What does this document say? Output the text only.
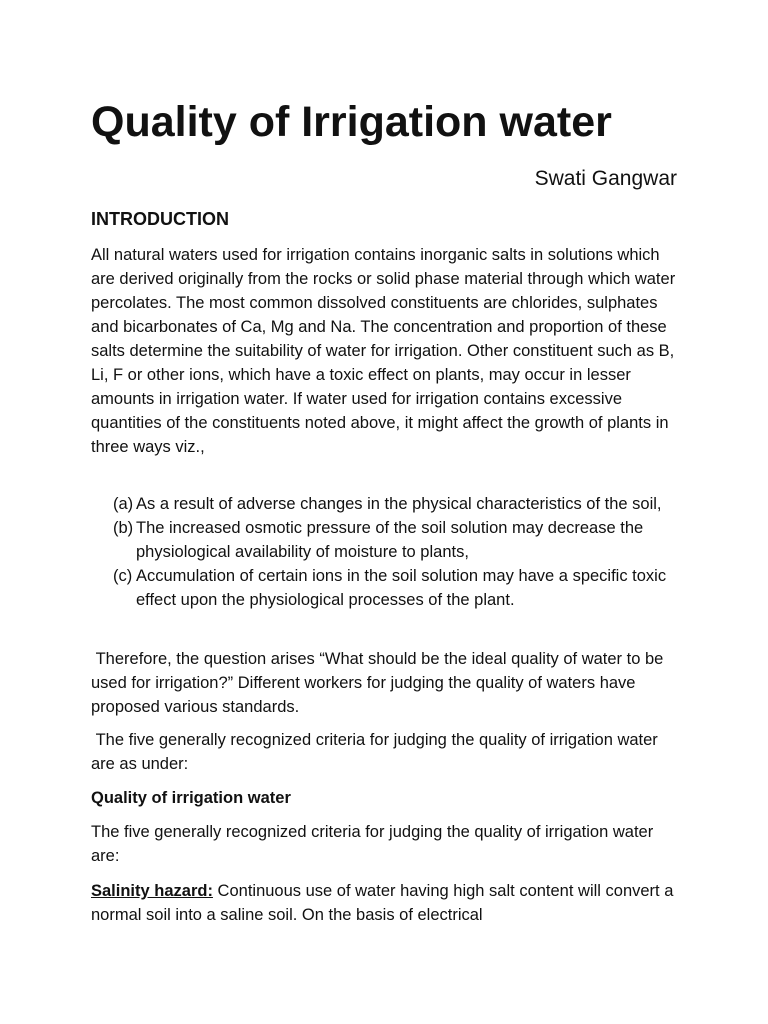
Quality of Irrigation water
Swati Gangwar
INTRODUCTION

All natural waters used for irrigation contains inorganic salts in solutions which are derived originally from the rocks or solid phase material through which water percolates. The most common dissolved constituents are chlorides, sulphates and bicarbonates of Ca, Mg and Na. The concentration and proportion of these salts determine the suitability of water for irrigation. Other constituent such as B, Li, F or other ions, which have a toxic effect on plants, may occur in lesser amounts in irrigation water. If water used for irrigation contains excessive quantities of the constituents noted above, it might affect the growth of plants in three ways viz.,

(a) As a result of adverse changes in the physical characteristics of the soil,
(b) The increased osmotic pressure of the soil solution may decrease the physiological availability of moisture to plants,
(c) Accumulation of certain ions in the soil solution may have a specific toxic effect upon the physiological processes of the plant.

Therefore, the question arises “What should be the ideal quality of water to be used for irrigation?” Different workers for judging the quality of waters have proposed various standards.

The five generally recognized criteria for judging the quality of irrigation water are as under:

Quality of irrigation water

The five generally recognized criteria for judging the quality of irrigation water are:

Salinity hazard: Continuous use of water having high salt content will convert a normal soil into a saline soil. On the basis of electrical
